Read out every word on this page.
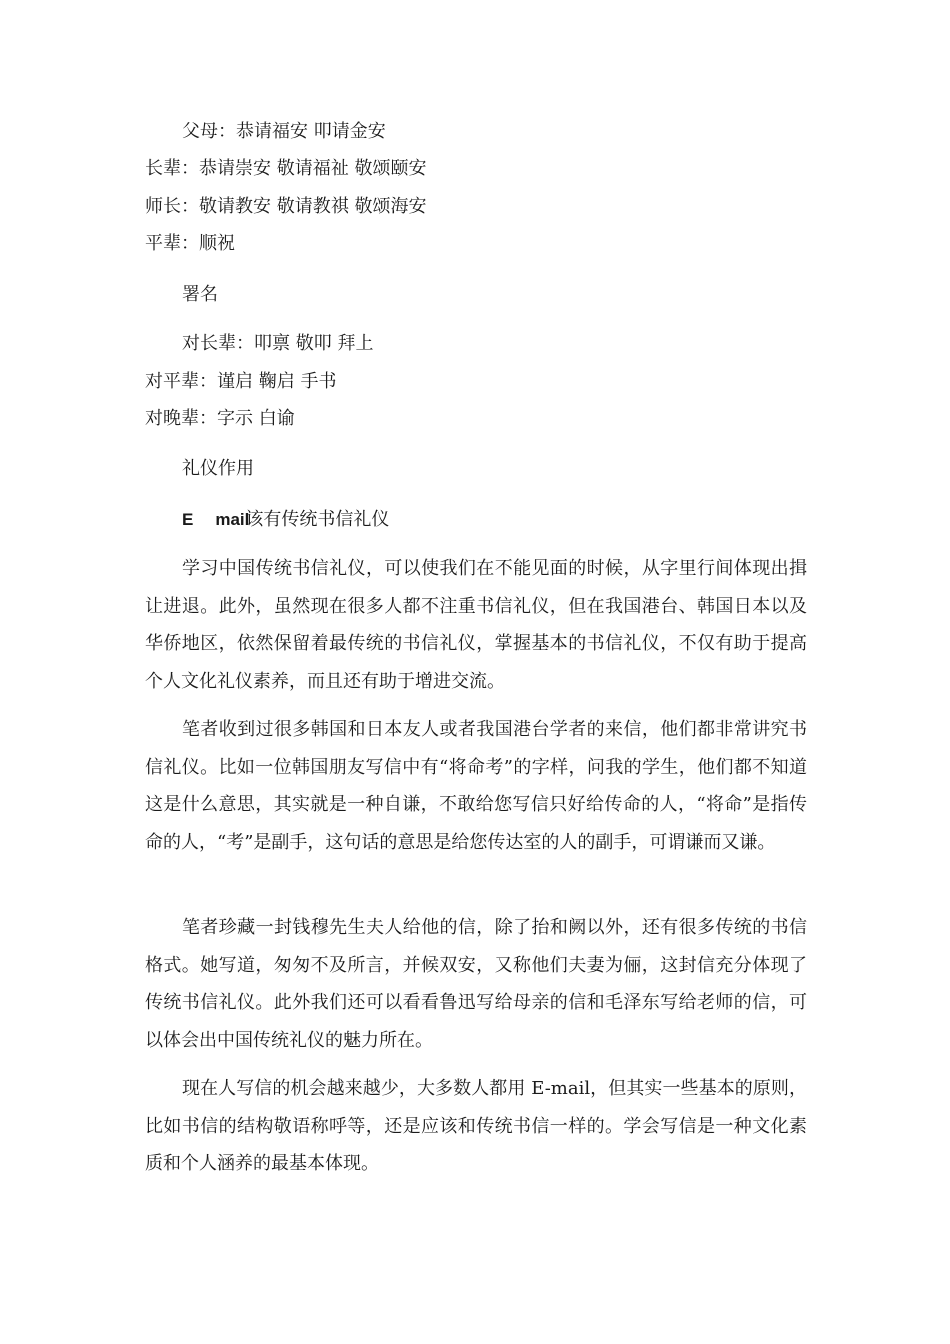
父母：恭请福安 叩请金安
长辈：恭请崇安 敬请福祉 敬颂颐安
师长：敬请教安 敬请教祺 敬颂海安
平辈：顺祝
署名
对长辈：叩禀 敬叩 拜上
对平辈：谨启 鞠启 手书
对晚辈：字示 白谕
礼仪作用
E mail该有传统书信礼仪

学习中国传统书信礼仪，可以使我们在不能见面的时候，从字里行间体现出揖让进退。此外，虽然现在很多人都不注重书信礼仪，但在我国港台、韩国日本以及华侨地区，依然保留着最传统的书信礼仪，掌握基本的书信礼仪，不仅有助于提高个人文化礼仪素养，而且还有助于增进交流。

笔者收到过很多韩国和日本友人或者我国港台学者的来信，他们都非常讲究书信礼仪。比如一位韩国朋友写信中有“将命考”的字样，问我的学生，他们都不知道这是什么意思，其实就是一种自谦，不敢给您写信只好给传命的人，“将命”是指传命的人，“考”是副手，这句话的意思是给您传达室的人的副手，可谓谦而又谦。

笔者珍藏一封钱穆先生夫人给他的信，除了抬和阙以外，还有很多传统的书信格式。她写道，匆匆不及所言，并候双安，又称他们夫妻为俪，这封信充分体现了传统书信礼仪。此外我们还可以看看鲁迅写给母亲的信和毛泽东写给老师的信，可以体会出中国传统礼仪的魅力所在。

现在人写信的机会越来越少，大多数人都用 E-mail，但其实一些基本的原则，比如书信的结构敬语称呼等，还是应该和传统书信一样的。学会写信是一种文化素质和个人涵养的最基本体现。
